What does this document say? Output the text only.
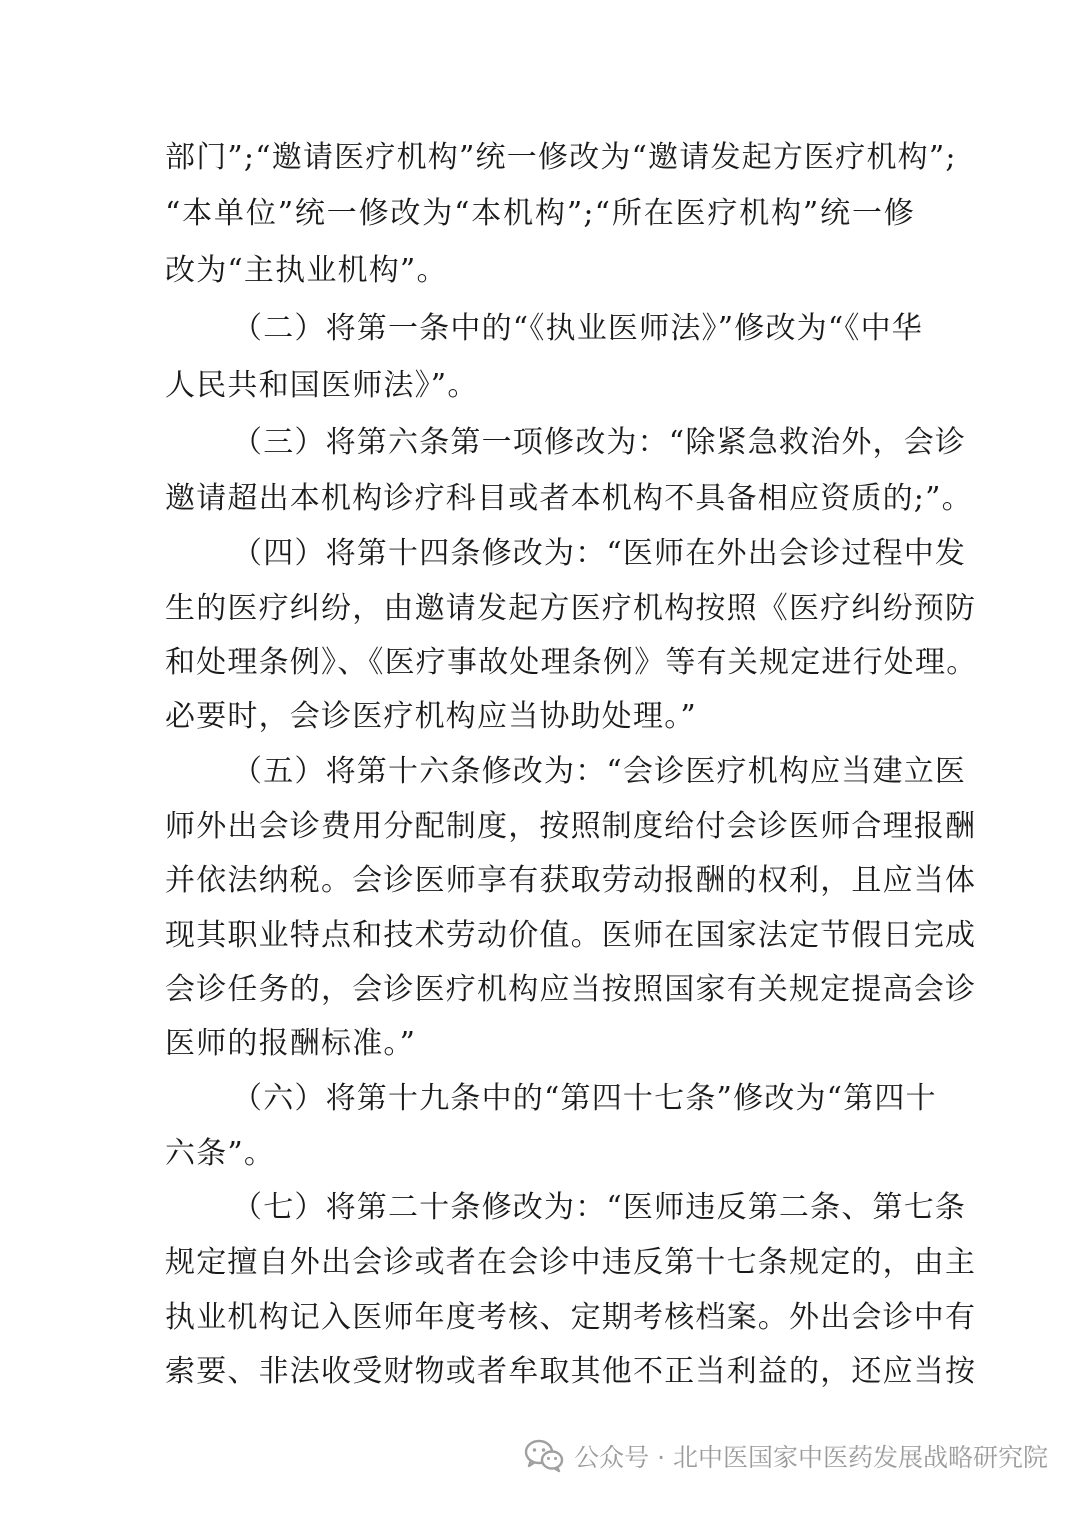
部门”;“邀请医疗机构”统一修改为“邀请发起方医疗机构”;
“本单位”统一修改为“本机构”;“所在医疗机构”统一修
改为“主执业机构”。
（二）将第一条中的“《执业医师法》”修改为“《中华
人民共和国医师法》”。
（三）将第六条第一项修改为：“除紧急救治外，会诊
邀请超出本机构诊疗科目或者本机构不具备相应资质的;”。
（四）将第十四条修改为：“医师在外出会诊过程中发
生的医疗纠纷，由邀请发起方医疗机构按照《医疗纠纷预防
和处理条例》、《医疗事故处理条例》等有关规定进行处理。
必要时，会诊医疗机构应当协助处理。”
（五）将第十六条修改为：“会诊医疗机构应当建立医
师外出会诊费用分配制度，按照制度给付会诊医师合理报酬
并依法纳税。会诊医师享有获取劳动报酬的权利，且应当体
现其职业特点和技术劳动价值。医师在国家法定节假日完成
会诊任务的，会诊医疗机构应当按照国家有关规定提高会诊
医师的报酬标准。”
（六）将第十九条中的“第四十七条”修改为“第四十
六条”。
（七）将第二十条修改为：“医师违反第二条、第七条
规定擅自外出会诊或者在会诊中违反第十七条规定的，由主
执业机构记入医师年度考核、定期考核档案。外出会诊中有
索要、非法收受财物或者牟取其他不正当利益的，还应当按
公众号 · 北中医国家中医药发展战略研究院
